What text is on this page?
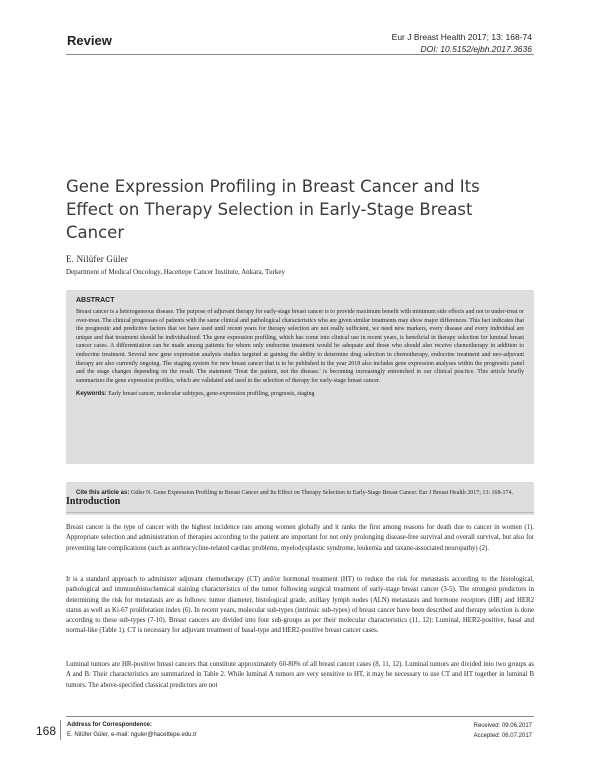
Review	Eur J Breast Health 2017; 13: 168-74
DOI: 10.5152/ejbh.2017.3636
Gene Expression Profiling in Breast Cancer and Its Effect on Therapy Selection in Early-Stage Breast Cancer
E. Nilüfer Güler
Department of Medical Oncology, Hacettepe Cancer Institute, Ankara, Turkey
ABSTRACT

Breast cancer is a heterogeneous disease. The purpose of adjuvant therapy for early-stage breast cancer is to provide maximum benefit with minimum side effects and not to under-treat or over-treat. The clinical progresses of patients with the same clinical and pathological characteristics who are given similar treatments may show major differences. This fact indicates that the prognostic and predictive factors that we have used until recent years for therapy selection are not really sufficient, we need new markers, every disease and every individual are unique and that treatment should be individualized. The gene expression profiling, which has come into clinical use in recent years, is beneficial in therapy selection for luminal breast cancer cases. A differentiation can be made among patients for whom only endocrine treatment would be adequate and those who should also receive chemotherapy in addition to endocrine treatment. Several new gene expression analysis studies targeted at gaining the ability to determine drug selection in chemotherapy, endocrine treatment and neo-adjuvant therapy are also currently ongoing. The staging system for new breast cancer that is to be published in the year 2018 also includes gene expression analyses within the prognostic panel and the stage changes depending on the result. The statement 'Treat the patient, not the disease.' is becoming increasingly entrenched in our clinical practice. This article briefly summarizes the gene expression profiles, which are validated and used in the selection of therapy for early-stage breast cancer.

Keywords: Early breast cancer, molecular subtypes, gene-expression profiling, prognosis, staging
Cite this article as: Güler N. Gene Expression Profiling in Breast Cancer and Its Effect on Therapy Selection in Early-Stage Breast Cancer. Eur J Breast Health 2017; 13: 168-174.
Introduction

Breast cancer is the type of cancer with the highest incidence rate among women globally and it ranks the first among reasons for death due to cancer in women (1). Appropriate selection and administration of therapies according to the patient are important for not only prolonging disease-free survival and overall survival, but also for preventing late complications (such as anthracycline-related cardiac problems, myelodysplastic syndrome, leukemia and taxane-associated neuropathy) (2).

It is a standard approach to administer adjuvant chemotherapy (CT) and/or hormonal treatment (HT) to reduce the risk for metastasis according to the histological, pathological and immunohistochemical staining characteristics of the tumor following surgical treatment of early-stage breast cancer (3-5). The strongest predictors in determining the risk for metastasis are as follows: tumor diameter, histological grade, axillary lymph nodes (ALN) metastasis and hormone receptors (HR) and HER2 status as well as Ki-67 proliferation index (6). In recent years, molecular sub-types (intrinsic sub-types) of breast cancer have been described and therapy selection is done according to these sub-types (7-10). Breast cancers are divided into four sub-groups as per their molecular characteristics (11, 12): Luminal, HER2-positive, basal and normal-like (Table 1). CT is necessary for adjuvant treatment of basal-type and HER2-positive breast cancer cases.

Luminal tumors are HR-positive breast cancers that constitute approximately 60-80% of all breast cancer cases (8, 11, 12). Luminal tumors are divided into two groups as A and B: Their characteristics are summarized in Table 2. While luminal A tumors are very sensitive to HT, it may be necessary to use CT and HT together in luminal B tumors. The above-specified classical predictors are not

168	Address for Correspondence:
E. Nilüfer Güler, e-mail: nguler@hacettepe.edu.tr
Received: 09.06.2017
Accepted: 06.07.2017
